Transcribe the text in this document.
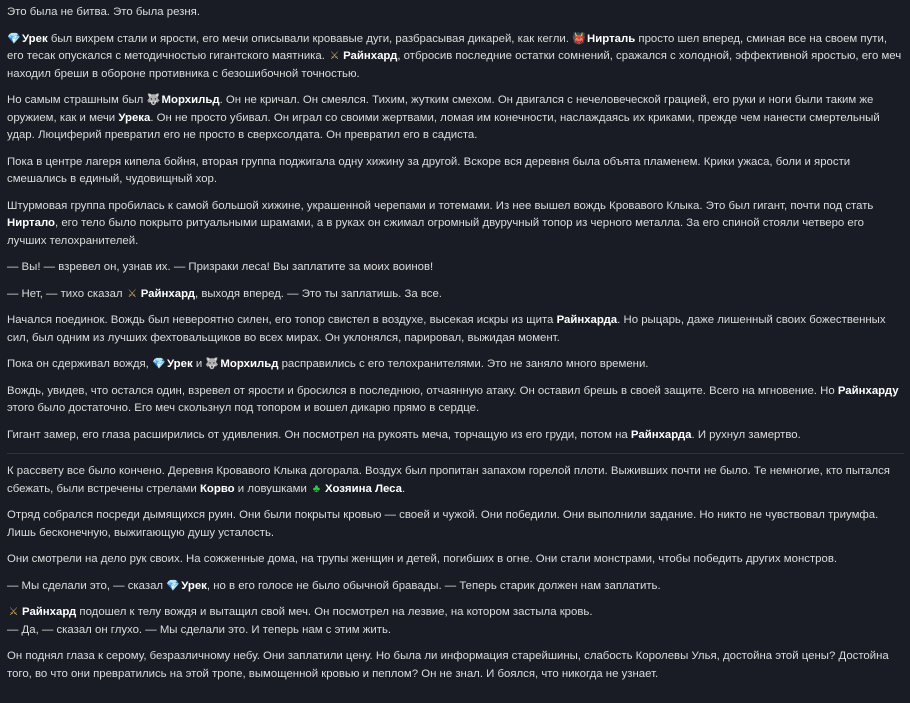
Это была не битва. Это была резня.

💎Урек был вихрем стали и ярости, его мечи описывали кровавые дуги, разбрасывая дикарей, как кегли. 👹Нирталь просто шел вперед, сминая все на своем пути, его тесак опускался с методичностью гигантского маятника. ⚔ Райнхард, отбросив последние остатки сомнений, сражался с холодной, эффективной яростью, его меч находил бреши в обороне противника с безошибочной точностью.

Но самым страшным был 🐺Морхильд. Он не кричал. Он смеялся. Тихим, жутким смехом. Он двигался с нечеловеческой грацией, его руки и ноги были таким же оружием, как и мечи Урека. Он не просто убивал. Он играл со своими жертвами, ломая им конечности, наслаждаясь их криками, прежде чем нанести смертельный удар. Люциферий превратил его не просто в сверхсолдата. Он превратил его в садиста.

Пока в центре лагеря кипела бойня, вторая группа поджигала одну хижину за другой. Вскоре вся деревня была объята пламенем. Крики ужаса, боли и ярости смешались в единый, чудовищный хор.

Штурмовая группа пробилась к самой большой хижине, украшенной черепами и тотемами. Из нее вышел вождь Кровавого Клыка. Это был гигант, почти под стать Ниртало, его тело было покрыто ритуальными шрамами, а в руках он сжимал огромный двуручный топор из черного металла. За его спиной стояли четверо его лучших телохранителей.

— Вы! — взревел он, узнав их. — Призраки леса! Вы заплатите за моих воинов!

— Нет, — тихо сказал ⚔ Райнхард, выходя вперед. — Это ты заплатишь. За все.

Начался поединок. Вождь был невероятно силен, его топор свистел в воздухе, высекая искры из щита Райнхарда. Но рыцарь, даже лишенный своих божественных сил, был одним из лучших фехтовальщиков во всех мирах. Он уклонялся, парировал, выжидая момент.

Пока он сдерживал вождя, 💎Урек и 🐺Морхильд расправились с его телохранителями. Это не заняло много времени.

Вождь, увидев, что остался один, взревел от ярости и бросился в последнюю, отчаянную атаку. Он оставил брешь в своей защите. Всего на мгновение. Но Райнхарду этого было достаточно. Его меч скользнул под топором и вошел дикарю прямо в сердце.

Гигант замер, его глаза расширились от удивления. Он посмотрел на рукоять меча, торчащую из его груди, потом на Райнхарда. И рухнул замертво.

К рассвету все было кончено. Деревня Кровавого Клыка догорала. Воздух был пропитан запахом горелой плоти. Выживших почти не было. Те немногие, кто пытался сбежать, были встречены стрелами Корво и ловушками ♣ Хозяина Леса.

Отряд собрался посреди дымящихся руин. Они были покрыты кровью — своей и чужой. Они победили. Они выполнили задание. Но никто не чувствовал триумфа. Лишь бесконечную, выжигающую душу усталость.

Они смотрели на дело рук своих. На сожженные дома, на трупы женщин и детей, погибших в огне. Они стали монстрами, чтобы победить других монстров.

— Мы сделали это, — сказал 💎Урек, но в его голосе не было обычной бравады. — Теперь старик должен нам заплатить.

⚔ Райнхард подошел к телу вождя и вытащил свой меч. Он посмотрел на лезвие, на котором застыла кровь.
— Да, — сказал он глухо. — Мы сделали это. И теперь нам с этим жить.

Он поднял глаза к серому, безразличному небу. Они заплатили цену. Но была ли информация старейшины, слабость Королевы Улья, достойна этой цены? Достойна того, во что они превратились на этой тропе, вымощенной кровью и пеплом? Он не знал. И боялся, что никогда не узнает.
